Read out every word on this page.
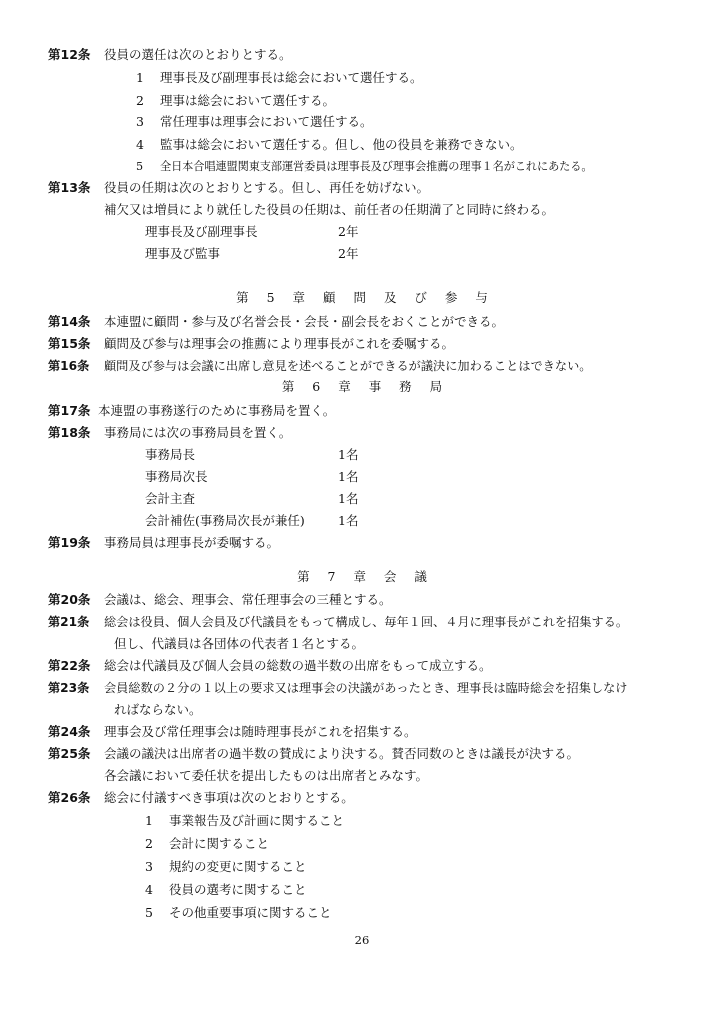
第12条 役員の選任は次のとおりとする。
1 理事長及び副理事長は総会において選任する。
2 理事は総会において選任する。
3 常任理事は理事会において選任する。
4 監事は総会において選任する。但し、他の役員を兼務できない。
5 全日本合唱連盟関東支部運営委員は理事長及び理事会推薦の理事１名がこれにあたる。
第13条 役員の任期は次のとおりとする。但し、再任を妨げない。
補欠又は増員により就任した役員の任期は、前任者の任期満了と同時に終わる。
理事長及び副理事長	2年
理事及び監事	2年
第 5 章 顧 問 及 び 参 与
第14条 本連盟に顧問・参与及び名誉会長・会長・副会長をおくことができる。
第15条 顧問及び参与は理事会の推薦により理事長がこれを委嘱する。
第16条 顧問及び参与は会議に出席し意見を述べることができるが議決に加わることはできない。
第 6 章 事 務 局
第17条 本連盟の事務遂行のために事務局を置く。
第18条 事務局には次の事務局員を置く。
事務局長	1名
事務局次長	1名
会計主査	1名
会計補佐(事務局次長が兼任)	1名
第19条 事務局員は理事長が委嘱する。
第 7 章 会 議
第20条 会議は、総会、理事会、常任理事会の三種とする。
第21条 総会は役員、個人会員及び代議員をもって構成し、毎年１回、４月に理事長がこれを招集する。
但し、代議員は各団体の代表者１名とする。
第22条 総会は代議員及び個人会員の総数の過半数の出席をもって成立する。
第23条 会員総数の２分の１以上の要求又は理事会の決議があったとき、理事長は臨時総会を招集しなけ
ればならない。
第24条 理事会及び常任理事会は随時理事長がこれを招集する。
第25条 会議の議決は出席者の過半数の賛成により決する。賛否同数のときは議長が決する。
各会議において委任状を提出したものは出席者とみなす。
第26条 総会に付議すべき事項は次のとおりとする。
1 事業報告及び計画に関すること
2 会計に関すること
3 規約の変更に関すること
4 役員の選考に関すること
5 その他重要事項に関すること
26
